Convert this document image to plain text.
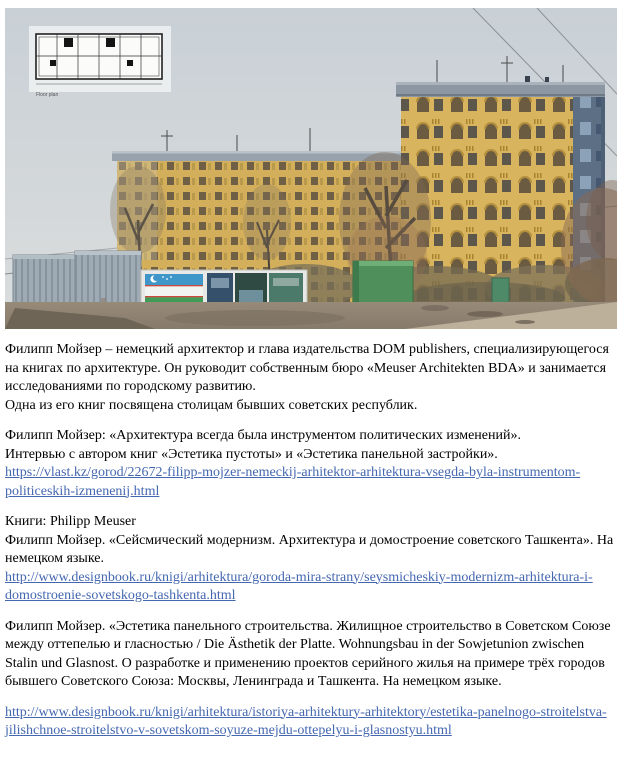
Floor plan

Филипп Мойзер – немецкий архитектор и глава издательства DOM publishers, специализирующегося на книгах по архитектуре. Он руководит собственным бюро «Meuser Architekten BDA» и занимается исследованиями по городскому развитию.
Одна из его книг посвящена столицам бывших советских республик.

Филипп Мойзер: «Архитектура всегда была инструментом политических изменений».
Интервью с автором книг «Эстетика пустоты» и «Эстетика панельной застройки».
https://vlast.kz/gorod/22672-filipp-mojzer-nemeckij-arhitektor-arhitektura-vsegda-byla-instrumentom-politiceskih-izmenenij.html

Книги: Philipp Meuser
Филипп Мойзер. «Сейсмический модернизм. Архитектура и домостроение советского Ташкента». На немецком языке.
http://www.designbook.ru/knigi/arhitektura/goroda-mira-strany/seysmicheskiy-modernizm-arhitektura-i-domostroenie-sovetskogo-tashkenta.html

Филипп Мойзер. «Эстетика панельного строительства. Жилищное строительство в Советском Союзе между оттепелью и гласностью / Die Ästhetik der Platte. Wohnungsbau in der Sowjetunion zwischen Stalin und Glasnost. О разработке и применению проектов серийного жилья на примере трёх городов бывшего Советского Союза: Москвы, Ленинграда и Ташкента. На немецком языке.

http://www.designbook.ru/knigi/arhitektura/istoriya-arhitektury-arhitektory/estetika-panelnogo-stroitelstva-jilishchnoe-stroitelstvo-v-sovetskom-soyuze-mejdu-ottepelyu-i-glasnostyu.html
